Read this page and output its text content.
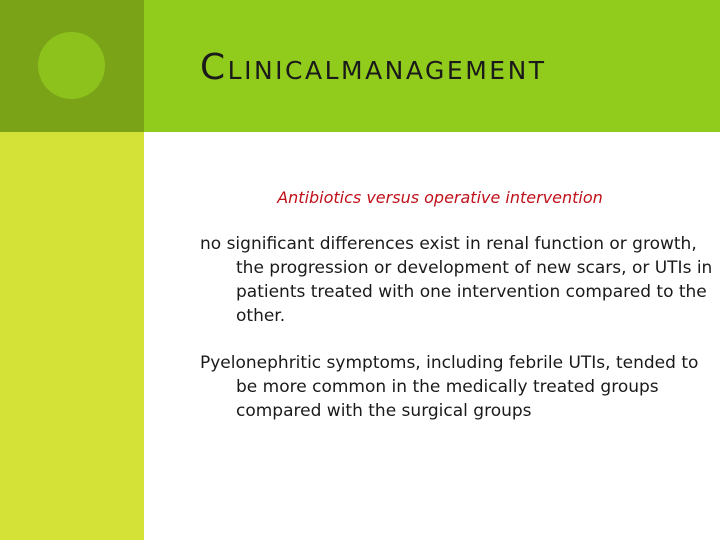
Clinicalmanagement

Antibiotics versus operative intervention

no significant differences exist in renal function or growth, the progression or development of new scars, or UTIs in patients treated with one intervention compared to the other.

Pyelonephritic symptoms, including febrile UTIs, tended to be more common in the medically treated groups compared with the surgical groups
